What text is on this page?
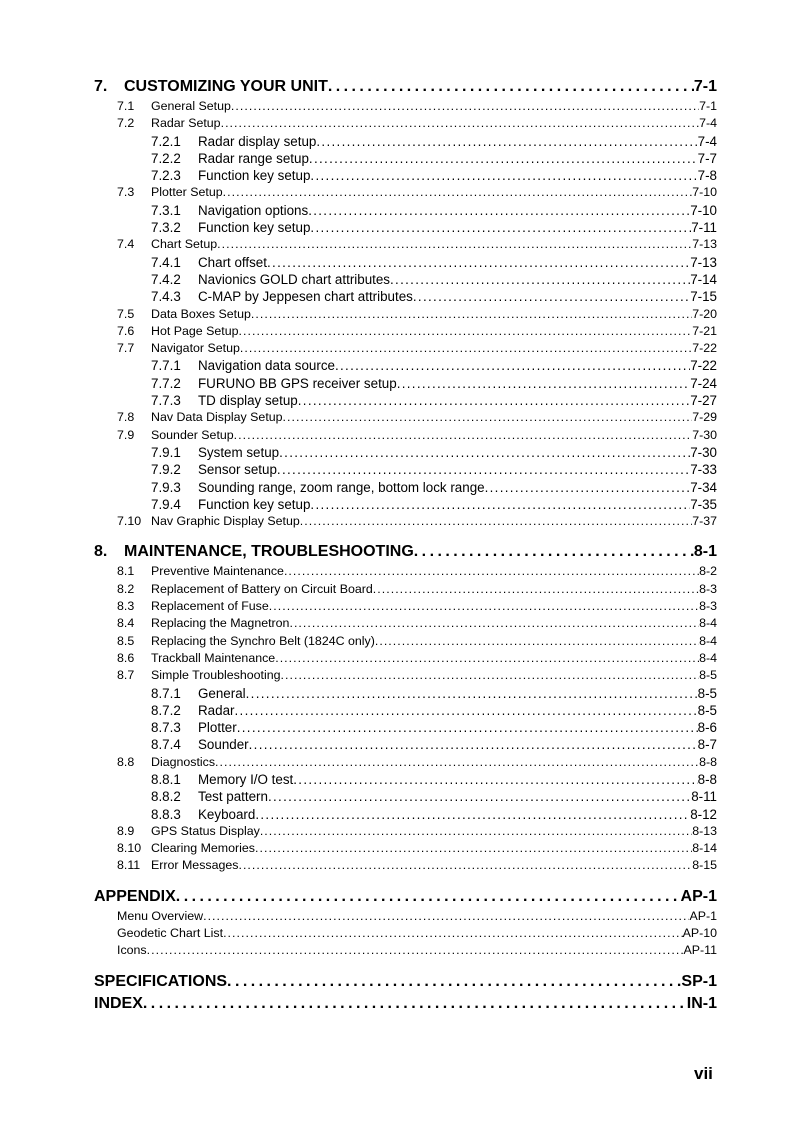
7.	CUSTOMIZING YOUR UNIT . . .	7-1
7.1	General Setup . . .	7-1
7.2	Radar Setup . . .	7-4
7.2.1	Radar display setup . . .	7-4
7.2.2	Radar range setup . . .	7-7
7.2.3	Function key setup . . .	7-8
7.3	Plotter Setup . . .	7-10
7.3.1	Navigation options . . .	7-10
7.3.2	Function key setup . . .	7-11
7.4	Chart Setup . . .	7-13
7.4.1	Chart offset . . .	7-13
7.4.2	Navionics GOLD chart attributes . . .	7-14
7.4.3	C-MAP by Jeppesen chart attributes . . .	7-15
7.5	Data Boxes Setup . . .	7-20
7.6	Hot Page Setup . . .	7-21
7.7	Navigator Setup . . .	7-22
7.7.1	Navigation data source . . .	7-22
7.7.2	FURUNO BB GPS receiver setup . . .	7-24
7.7.3	TD display setup . . .	7-27
7.8	Nav Data Display Setup . . .	7-29
7.9	Sounder Setup . . .	7-30
7.9.1	System setup . . .	7-30
7.9.2	Sensor setup . . .	7-33
7.9.3	Sounding range, zoom range, bottom lock range . . .	7-34
7.9.4	Function key setup . . .	7-35
7.10 Nav Graphic Display Setup . . .	7-37
8.	MAINTENANCE, TROUBLESHOOTING . . .	8-1
8.1	Preventive Maintenance . . .	8-2
8.2	Replacement of Battery on Circuit Board . . .	8-3
8.3	Replacement of Fuse . . .	8-3
8.4	Replacing the Magnetron . . .	8-4
8.5	Replacing the Synchro Belt (1824C only) . . .	8-4
8.6	Trackball Maintenance . . .	8-4
8.7	Simple Troubleshooting . . .	8-5
8.7.1	General . . .	8-5
8.7.2	Radar . . .	8-5
8.7.3	Plotter . . .	8-6
8.7.4	Sounder . . .	8-7
8.8	Diagnostics . . .	8-8
8.8.1	Memory I/O test . . .	8-8
8.8.2	Test pattern . . .	8-11
8.8.3	Keyboard . . .	8-12
8.9	GPS Status Display . . .	8-13
8.10 Clearing Memories . . .	8-14
8.11 Error Messages . . .	8-15
APPENDIX . . .	AP-1
Menu Overview . . .	AP-1
Geodetic Chart List . . .	AP-10
Icons . . .	AP-11
SPECIFICATIONS . . .	SP-1
INDEX . . .	IN-1
vii
